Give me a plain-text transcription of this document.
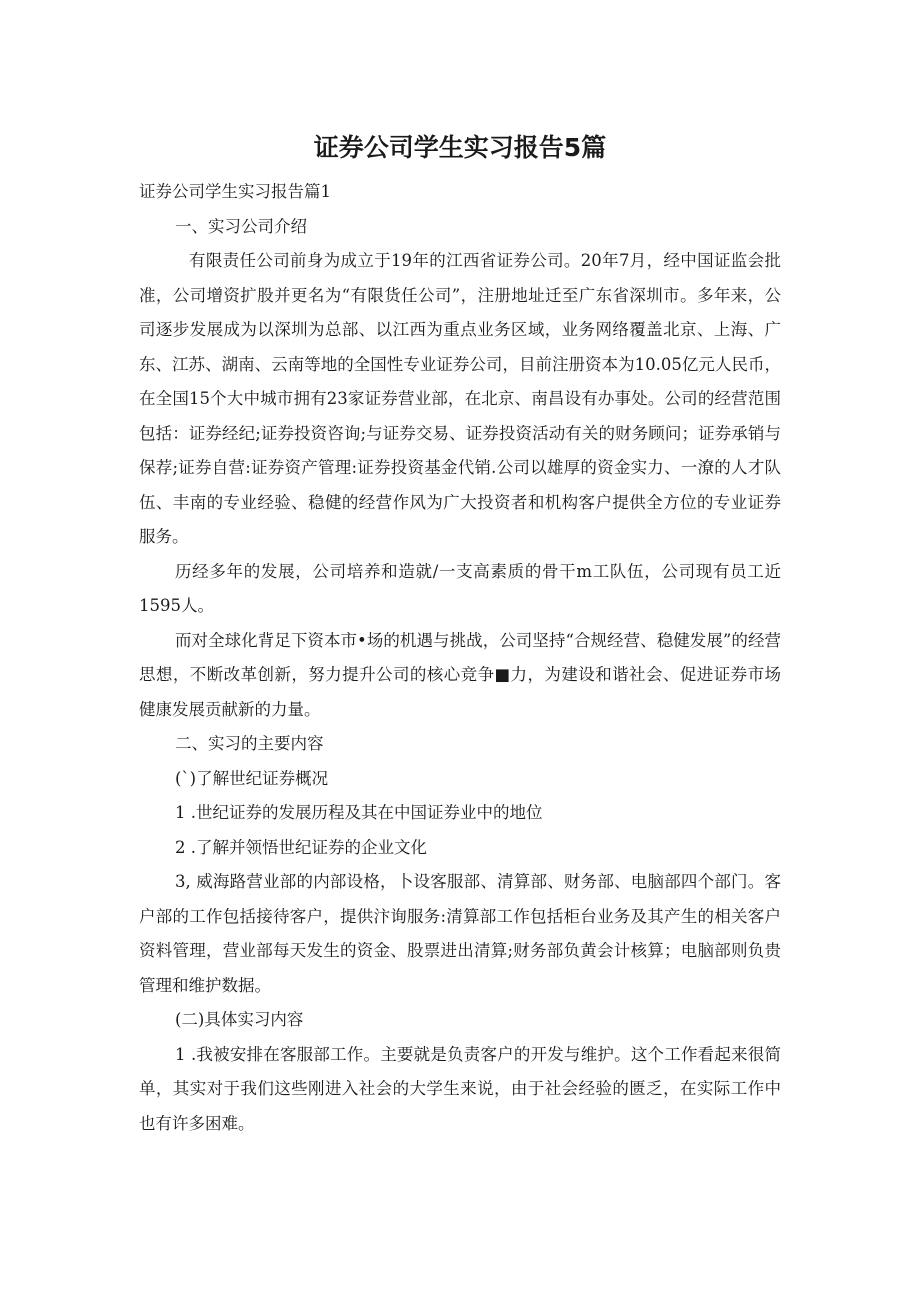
证券公司学生实习报告5篇

证券公司学生实习报告篇1

一、实习公司介绍

有限责任公司前身为成立于19年的江西省证券公司。20年7月，经中国证监会批准，公司增资扩股并更名为“有限货任公司”，注册地址迁至广东省深圳市。多年来，公司逐步发展成为以深圳为总部、以江西为重点业务区域，业务网络覆盖北京、上海、广东、江苏、湖南、云南等地的全国性专业证券公司，目前注册资本为10.05亿元人民币，在全国15个大中城市拥有23家证券营业部，在北京、南昌设有办事处。公司的经营范围包括：证券经纪;证券投资咨询;与证券交易、证券投资活动有关的财务顾问；证券承销与保荐;证券自营:证券资产管理:证券投资基金代销.公司以雄厚的资金实力、一潦的人才队伍、丰南的专业经验、稳健的经营作风为广大投资者和机构客户提供全方位的专业证券服务。

历经多年的发展，公司培养和造就/一支高素质的骨干m工队伍，公司现有员工近1595人。

而对全球化背足下资本市•场的机遇与挑战，公司坚持“合规经营、稳健发展”的经营思想，不断改革创新，努力提升公司的核心竞争■力，为建设和谐社会、促进证券市场健康发展贡献新的力量。

二、实习的主要内容

(`)了解世纪证券概况

1 .世纪证券的发展历程及其在中国证券业中的地位

2 .了解并领悟世纪证券的企业文化

3, 威海路营业部的内部设格，卜设客服部、清算部、财务部、电脑部四个部门。客户部的工作包括接待客户，提供汴询服务:清算部工作包括柜台业务及其产生的相关客户资料管理，营业部每天发生的资金、股票进出清算;财务部负黄会计核算；电脑部则负贵管理和维护数据。

(二)具体实习内容

1 .我被安排在客服部工作。主要就是负责客户的开发与维护。这个工作看起来很简单，其实对于我们这些刚进入社会的大学生来说，由于社会经验的匮乏，在实际工作中也有许多困难。
